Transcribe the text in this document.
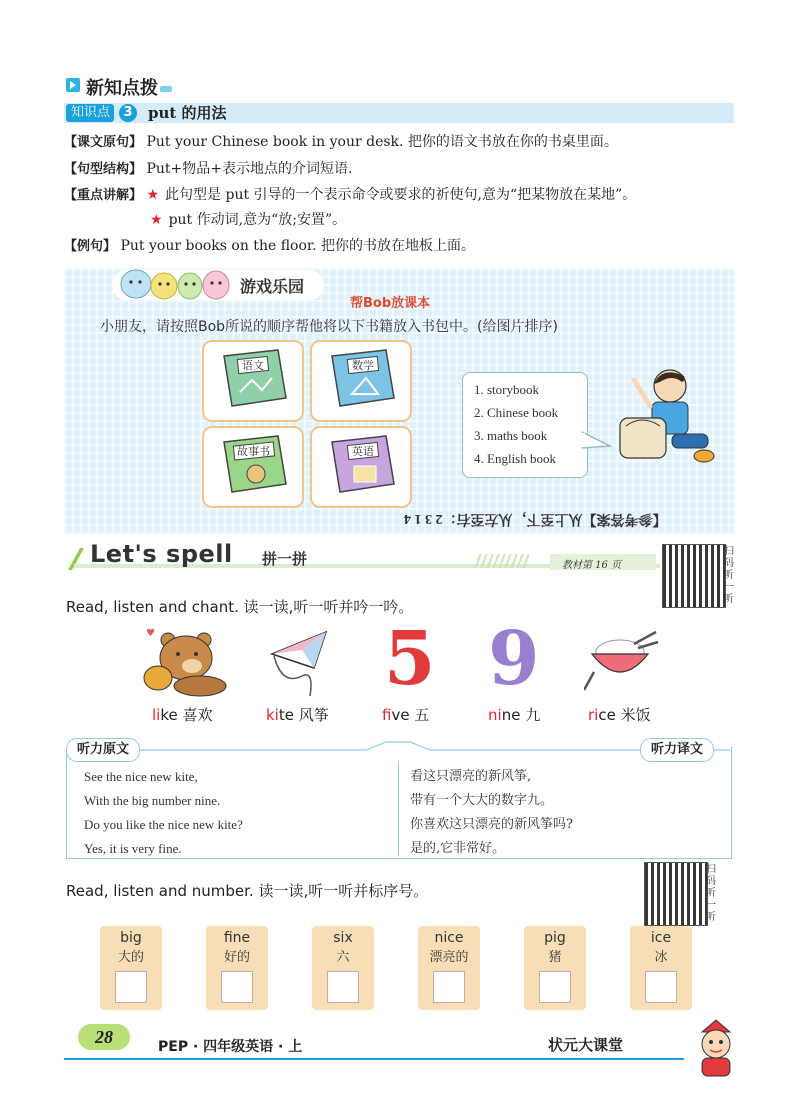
新知点拨
知识点	3 put 的用法
【课文原句】 Put your Chinese book in your desk. 把你的语文书放在你的书桌里面。
【句型结构】 Put+物品+表示地点的介词短语.
【重点讲解】 ★ 此句型是 put 引导的一个表示命令或要求的祈使句,意为“把某物放在某地”。
★ put 作动词,意为“放;安置”。
【例句】 Put your books on the floor. 把你的书放在地板上面。
游戏乐园
帮Bob放课本
小朋友，请按照Bob所说的顺序帮他将以下书籍放入书包中。(给图片排序)
语文	数学
故事书	英语
1. storybook
2. Chinese book
3. maths book
4. English book
【参考答案】从上至下，从左至右：2 3 1 4
Let's spell 拼一拼	教材第 16 页
扫码听一听
Read, listen and chant. 读一读,听一听并吟一吟。
♥	5 9
like 喜欢	kite 风筝	five 五	nine 九	rice 米饭
听力原文	听力译文
See the nice new kite,
With the big number nine.
Do you like the nice new kite?
Yes, it is very fine.
看这只漂亮的新风筝,
带有一个大大的数字九。
你喜欢这只漂亮的新风筝吗?
是的,它非常好。
Read, listen and number. 读一读,听一听并标序号。
扫码听一听
big
大的
fine
好的
six
六
nice
漂亮的
pig
猪
ice
冰
28	PEP · 四年级英语 · 上	状元大课堂
